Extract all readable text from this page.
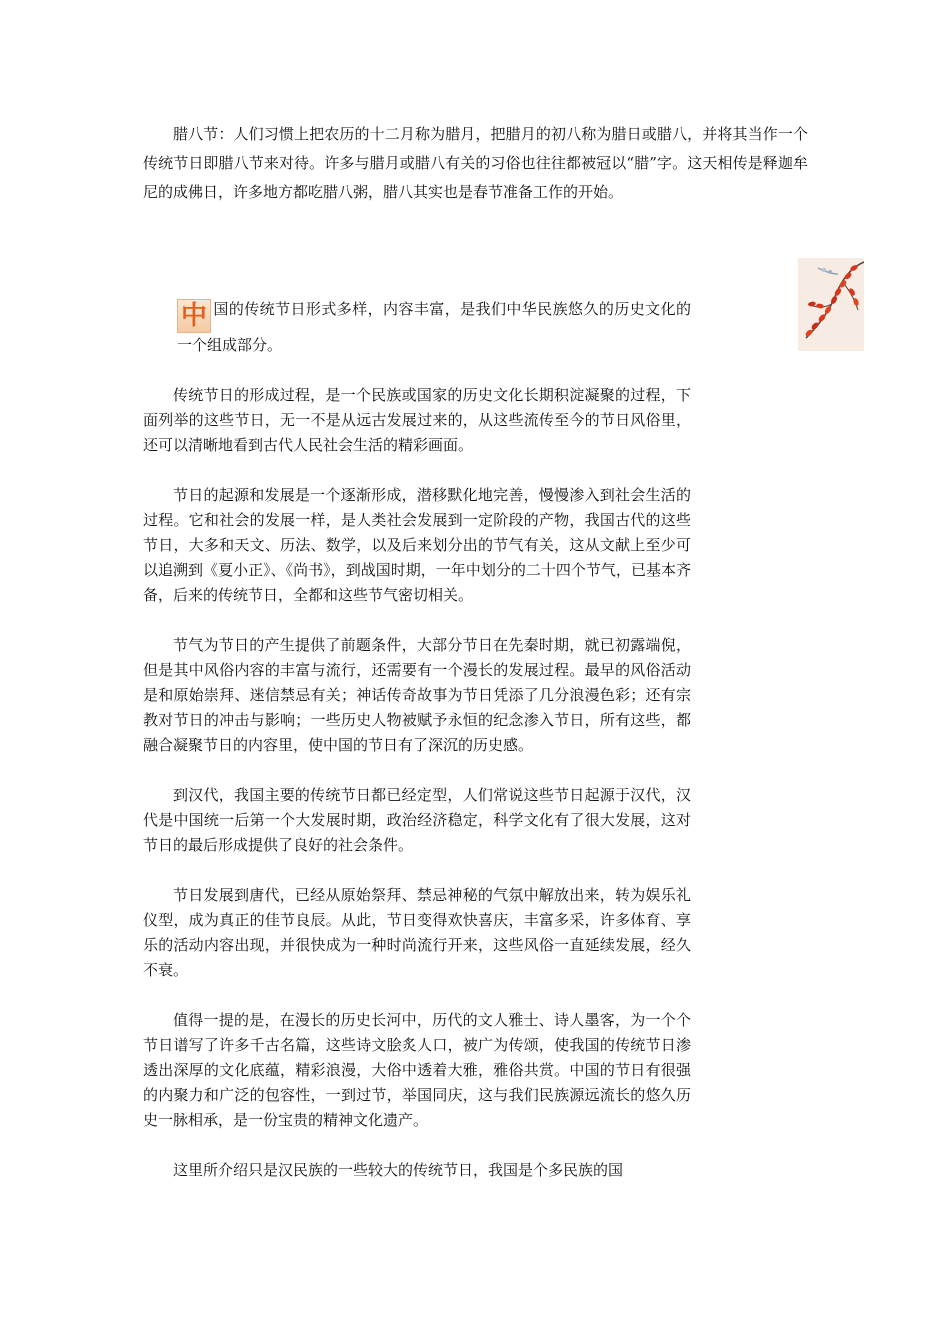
腊八节：人们习惯上把农历的十二月称为腊月，把腊月的初八称为腊日或腊八，并将其当作一个传统节日即腊八节来对待。许多与腊月或腊八有关的习俗也往往都被冠以“腊”字。这天相传是释迦牟尼的成佛日，许多地方都吃腊八粥，腊八其实也是春节准备工作的开始。

中 国的传统节日形式多样，内容丰富，是我们中华民族悠久的历史文化的一个组成部分。

传统节日的形成过程，是一个民族或国家的历史文化长期积淀凝聚的过程，下面列举的这些节日，无一不是从远古发展过来的，从这些流传至今的节日风俗里，还可以清晰地看到古代人民社会生活的精彩画面。

节日的起源和发展是一个逐渐形成，潜移默化地完善，慢慢渗入到社会生活的过程。它和社会的发展一样，是人类社会发展到一定阶段的产物，我国古代的这些节日，大多和天文、历法、数学，以及后来划分出的节气有关，这从文献上至少可以追溯到《夏小正》、《尚书》，到战国时期，一年中划分的二十四个节气，已基本齐备，后来的传统节日，全都和这些节气密切相关。

节气为节日的产生提供了前题条件，大部分节日在先秦时期，就已初露端倪， 但是其中风俗内容的丰富与流行，还需要有一个漫长的发展过程。最早的风俗活动是和原始崇拜、迷信禁忌有关；神话传奇故事为节日凭添了几分浪漫色彩；还有宗教对节日的冲击与影响；一些历史人物被赋予永恒的纪念渗入节日，所有这些，都融合凝聚节日的内容里，使中国的节日有了深沉的历史感。

到汉代，我国主要的传统节日都已经定型，人们常说这些节日起源于汉代，汉代是中国统一后第一个大发展时期，政治经济稳定，科学文化有了很大发展，这对节日的最后形成提供了良好的社会条件。

节日发展到唐代，已经从原始祭拜、禁忌神秘的气氛中解放出来，转为娱乐礼仪型，成为真正的佳节良辰。从此，节日变得欢快喜庆，丰富多采，许多体育、享乐的活动内容出现，并很快成为一种时尚流行开来，这些风俗一直延续发展，经久不衰。

值得一提的是，在漫长的历史长河中，历代的文人雅士、诗人墨客，为一个个节日谱写了许多千古名篇，这些诗文脍炙人口，被广为传颂，使我国的传统节日渗透出深厚的文化底蕴，精彩浪漫，大俗中透着大雅，雅俗共赏。中国的节日有很强的内聚力和广泛的包容性，一到过节，举国同庆，这与我们民族源远流长的悠久历史一脉相承，是一份宝贵的精神文化遗产。

这里所介绍只是汉民族的一些较大的传统节日，我国是个多民族的国
